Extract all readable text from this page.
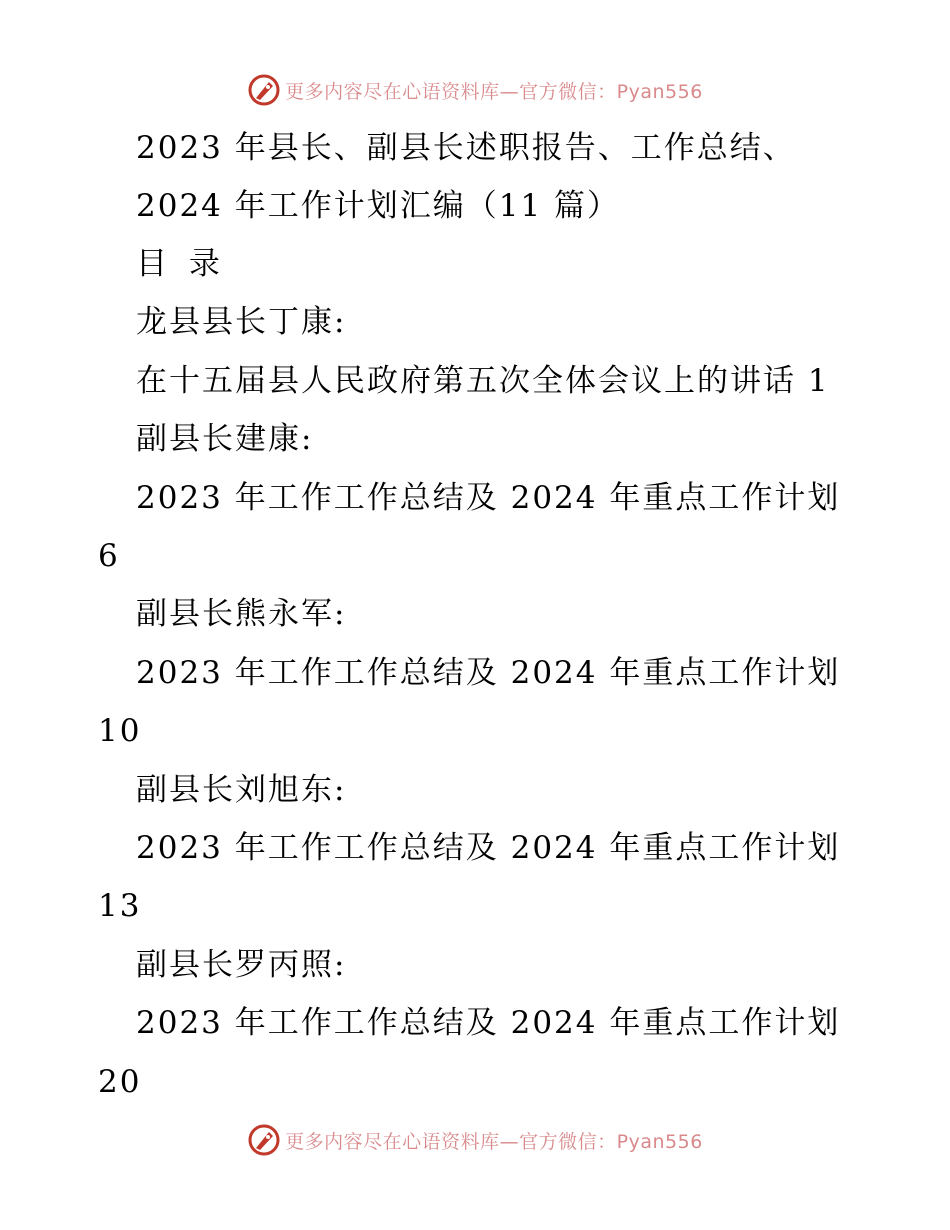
更多内容尽在心语资料库—官方微信：Pyan556
2023 年县长、副县长述职报告、工作总结、
2024 年工作计划汇编（11 篇）
目 录
龙县县长丁康:
在十五届县人民政府第五次全体会议上的讲话 1
副县长建康:
2023 年工作工作总结及 2024 年重点工作计划
6
副县长熊永军:
2023 年工作工作总结及 2024 年重点工作计划
10
副县长刘旭东:
2023 年工作工作总结及 2024 年重点工作计划
13
副县长罗丙照:
2023 年工作工作总结及 2024 年重点工作计划
20
更多内容尽在心语资料库—官方微信：Pyan556
